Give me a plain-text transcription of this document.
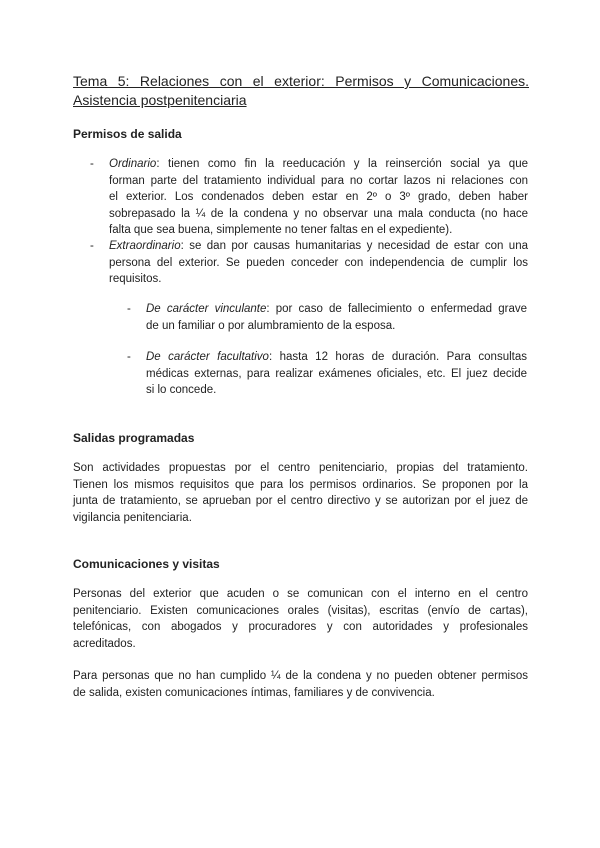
Tema 5: Relaciones con el exterior: Permisos y Comunicaciones.
Asistencia postpenitenciaria
Permisos de salida
- Ordinario: tienen como fin la reeducación y la reinserción social ya que
forman parte del tratamiento individual para no cortar lazos ni relaciones con
el exterior. Los condenados deben estar en 2º o 3º grado, deben haber
sobrepasado la ¼ de la condena y no observar una mala conducta (no hace
falta que sea buena, simplemente no tener faltas en el expediente).
- Extraordinario: se dan por causas humanitarias y necesidad de estar con una
persona del exterior. Se pueden conceder con independencia de cumplir los
requisitos.
- De carácter vinculante: por caso de fallecimiento o enfermedad grave
de un familiar o por alumbramiento de la esposa.
- De carácter facultativo: hasta 12 horas de duración. Para consultas
médicas externas, para realizar exámenes oficiales, etc. El juez decide
si lo concede.
Salidas programadas
Son actividades propuestas por el centro penitenciario, propias del tratamiento.
Tienen los mismos requisitos que para los permisos ordinarios. Se proponen por la
junta de tratamiento, se aprueban por el centro directivo y se autorizan por el juez de
vigilancia penitenciaria.
Comunicaciones y visitas
Personas del exterior que acuden o se comunican con el interno en el centro
penitenciario. Existen comunicaciones orales (visitas), escritas (envío de cartas),
telefónicas, con abogados y procuradores y con autoridades y profesionales
acreditados.
Para personas que no han cumplido ¼ de la condena y no pueden obtener permisos
de salida, existen comunicaciones íntimas, familiares y de convivencia.
